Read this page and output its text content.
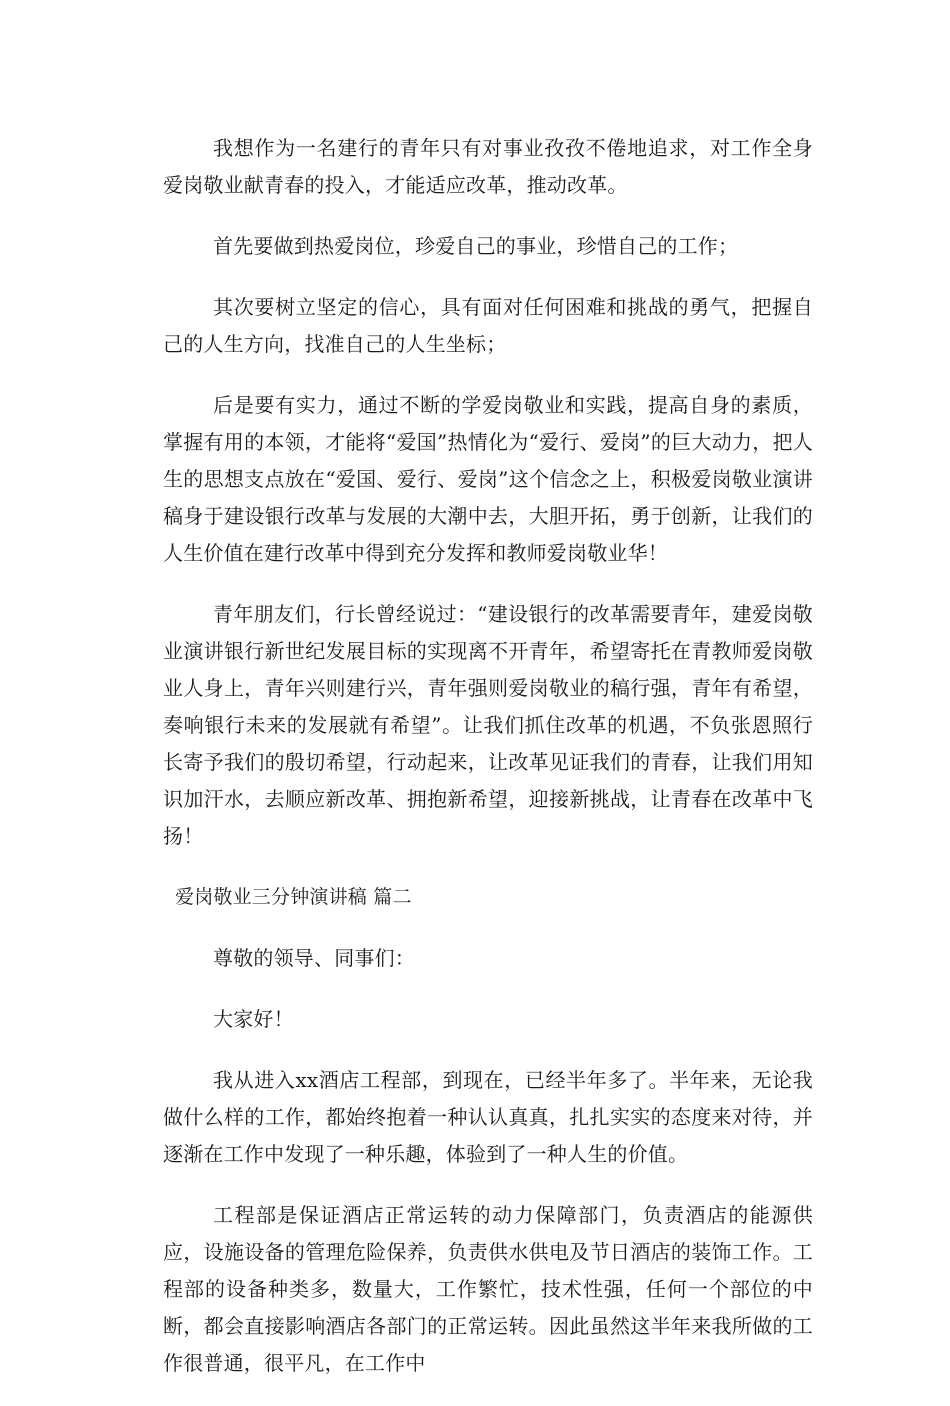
我想作为一名建行的青年只有对事业孜孜不倦地追求，对工作全身爱岗敬业献青春的投入，才能适应改革，推动改革。

首先要做到热爱岗位，珍爱自己的事业，珍惜自己的工作；

其次要树立坚定的信心，具有面对任何困难和挑战的勇气，把握自己的人生方向，找准自己的人生坐标；

后是要有实力，通过不断的学爱岗敬业和实践，提高自身的素质，掌握有用的本领，才能将“爱国”热情化为“爱行、爱岗”的巨大动力，把人生的思想支点放在“爱国、爱行、爱岗”这个信念之上，积极爱岗敬业演讲稿身于建设银行改革与发展的大潮中去，大胆开拓，勇于创新，让我们的人生价值在建行改革中得到充分发挥和教师爱岗敬业华！

青年朋友们，行长曾经说过：“建设银行的改革需要青年，建爱岗敬业演讲银行新世纪发展目标的实现离不开青年，希望寄托在青教师爱岗敬业人身上，青年兴则建行兴，青年强则爱岗敬业的稿行强，青年有希望，奏响银行未来的发展就有希望”。让我们抓住改革的机遇，不负张恩照行长寄予我们的殷切希望，行动起来，让改革见证我们的青春，让我们用知识加汗水，去顺应新改革、拥抱新希望，迎接新挑战，让青春在改革中飞扬！

爱岗敬业三分钟演讲稿 篇二

尊敬的领导、同事们：

大家好！

我从进入xx酒店工程部，到现在，已经半年多了。半年来，无论我做什么样的工作，都始终抱着一种认认真真，扎扎实实的态度来对待，并逐渐在工作中发现了一种乐趣，体验到了一种人生的价值。

工程部是保证酒店正常运转的动力保障部门，负责酒店的能源供应，设施设备的管理危险保养，负责供水供电及节日酒店的装饰工作。工程部的设备种类多，数量大，工作繁忙，技术性强，任何一个部位的中断，都会直接影响酒店各部门的正常运转。因此虽然这半年来我所做的工作很普通，很平凡，在工作中
